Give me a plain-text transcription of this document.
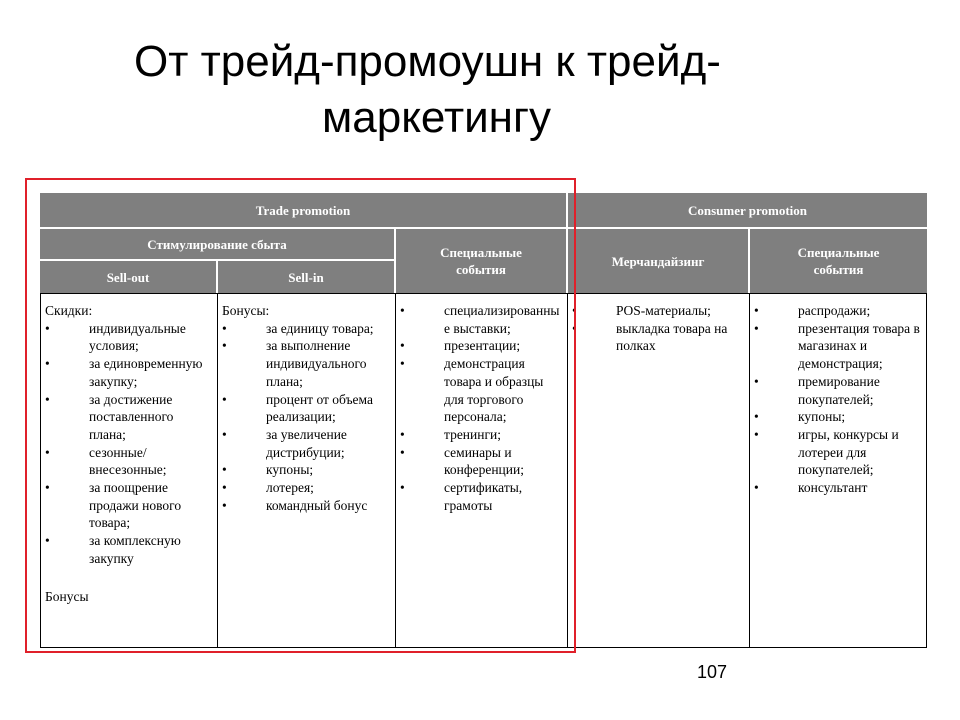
От трейд-промоушн к трейд-
маркетингу
Trade promotion	Consumer promotion
Стимулирование сбыта
Специальные события
Мерчандайзинг
Специальные события
Sell-out	Sell-in
Скидки:
• индивидуальные условия;
• за единовременную закупку;
• за достижение поставленного плана;
• сезонные/ внесезонные;
• за поощрение продажи нового товара;
• за комплексную закупку
Бонусы
Бонусы:
• за единицу товара;
• за выполнение индивидуального плана;
• процент от объема реализации;
• за увеличение дистрибуции;
• купоны;
• лотерея;
• командный бонус
• специализированные выставки;
• презентации;
• демонстрация товара и образцы для торгового персонала;
• тренинги;
• семинары и конференции;
• сертификаты, грамоты
• POS-материалы;
• выкладка товара на полках
• распродажи;
• презентация товара в магазинах и демонстрация;
• премирование покупателей;
• купоны;
• игры, конкурсы и лотереи для покупателей;
• консультант
107
